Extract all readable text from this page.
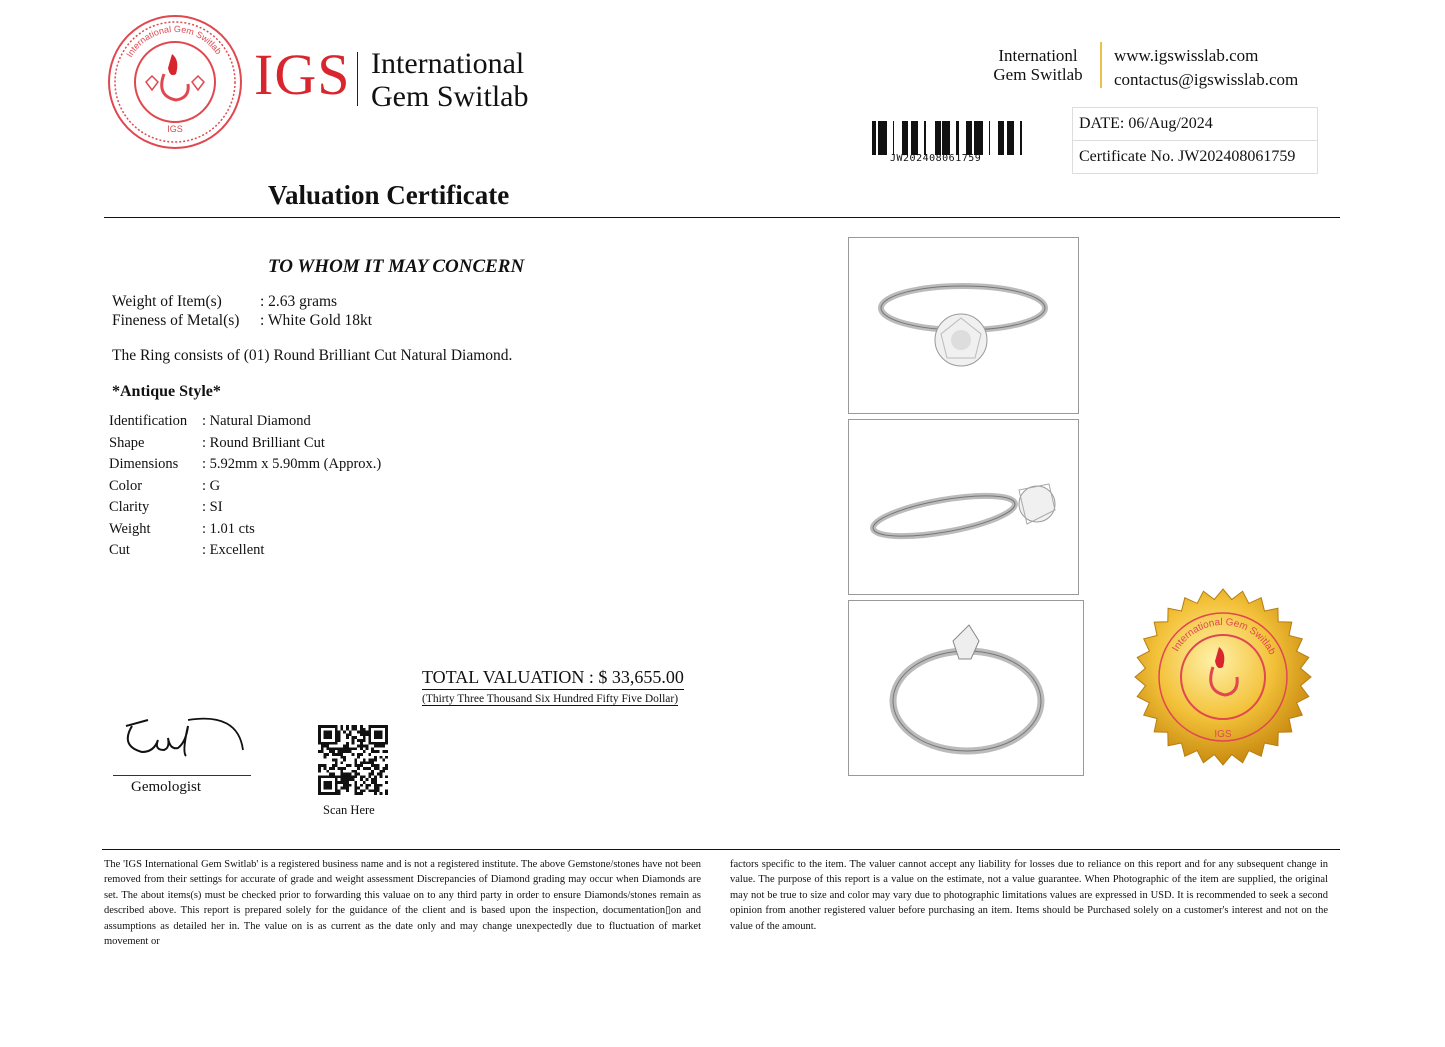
International Gem Switlab
IGS
IGS International
Gem Switlab
Internationl
Gem Switlab
www.igswisslab.com
contactus@igswisslab.com
JW202408061759
DATE: 06/Aug/2024
Certificate No. JW202408061759
Valuation Certificate
TO WHOM IT MAY CONCERN
Weight of Item(s) : 2.63 grams
Fineness of Metal(s) : White Gold 18kt
The Ring consists of (01) Round Brilliant Cut Natural Diamond.
*Antique Style*
Identification : Natural Diamond
Shape	: Round Brilliant Cut
Dimensions : 5.92mm x 5.90mm (Approx.)
Color	: G
Clarity	: SI
Weight	: 1.01 cts
Cut	: Excellent
TOTAL VALUATION : $ 33,655.00
(Thirty Three Thousand Six Hundred Fifty Five Dollar)
Gemologist
Scan Here
International Gem Switlab
IGS
The 'IGS International Gem Switlab' is a registered business name and is not a registered institute. The above Gemstone/stones have not been removed from their settings for accurate of grade and weight assessment Discrepancies of Diamond grading may occur when Diamonds are set. The about items(s) must be checked prior to forwarding this valuae on to any third party in order to ensure Diamonds/stones remain as described above. This report is prepared solely for the guidance of the client and is based upon the inspection, documentation▯on and assumptions as detailed her in. The value on is as current as the date only and may change unexpectedly due to fluctuation of market movement or
factors specific to the item. The valuer cannot accept any liability for losses due to reliance on this report and for any subsequent change in value. The purpose of this report is a value on the estimate, not a value guarantee. When Photographic of the item are supplied, the original may not be true to size and color may vary due to photographic limitations values are expressed in USD. It is recommended to seek a second opinion from another registered valuer before purchasing an item. Items should be Purchased solely on a customer's interest and not on the value of the amount.
